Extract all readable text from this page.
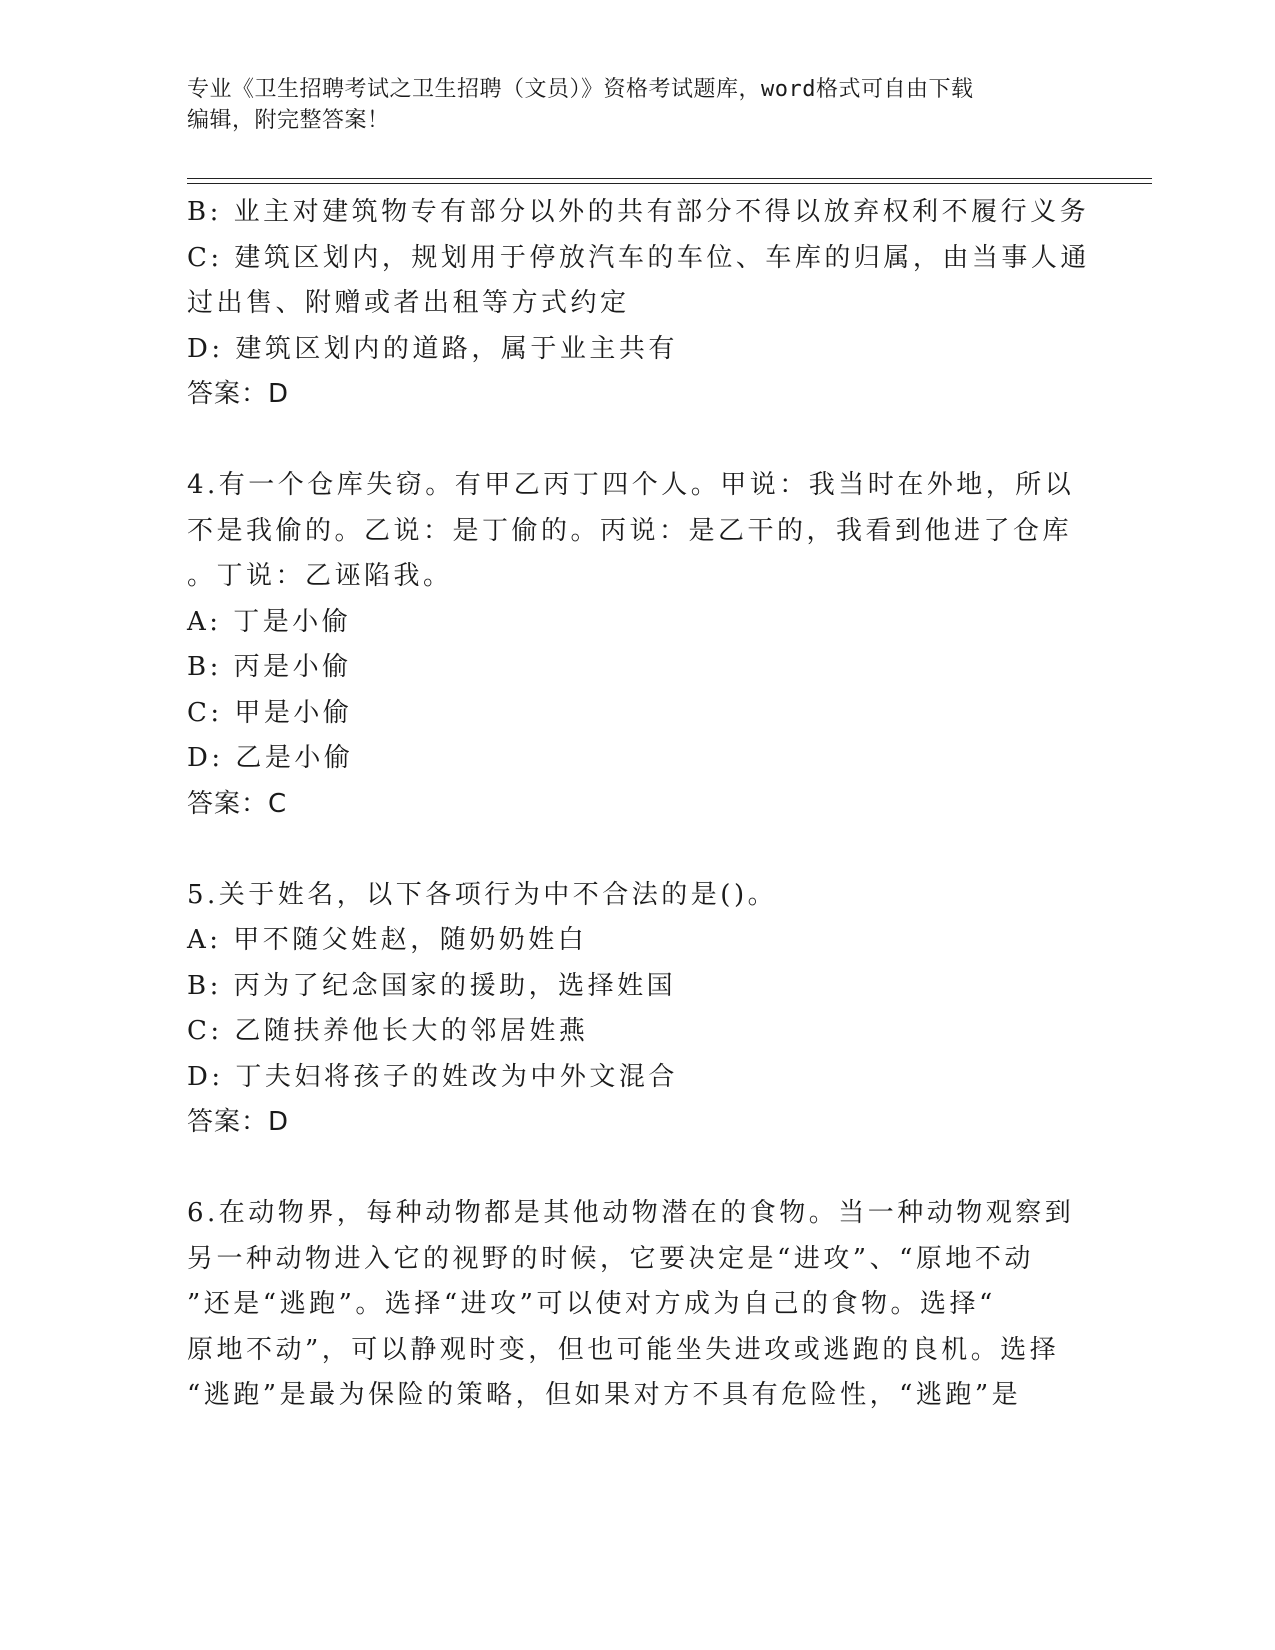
专业《卫生招聘考试之卫生招聘（文员）》资格考试题库，word格式可自由下载
编辑，附完整答案！
B: 业主对建筑物专有部分以外的共有部分不得以放弃权利不履行义务
C: 建筑区划内，规划用于停放汽车的车位、车库的归属，由当事人通
过出售、附赠或者出租等方式约定
D: 建筑区划内的道路，属于业主共有
答案：D
4.有一个仓库失窃。有甲乙丙丁四个人。甲说：我当时在外地，所以
不是我偷的。乙说：是丁偷的。丙说：是乙干的，我看到他进了仓库
。丁说：乙诬陷我。
A: 丁是小偷
B: 丙是小偷
C: 甲是小偷
D: 乙是小偷
答案：C
5.关于姓名，以下各项行为中不合法的是()。
A: 甲不随父姓赵，随奶奶姓白
B: 丙为了纪念国家的援助，选择姓国
C: 乙随扶养他长大的邻居姓燕
D: 丁夫妇将孩子的姓改为中外文混合
答案：D
6.在动物界，每种动物都是其他动物潜在的食物。当一种动物观察到
另一种动物进入它的视野的时候，它要决定是“进攻”、“原地不动
”还是“逃跑”。选择“进攻”可以使对方成为自己的食物。选择“
原地不动”，可以静观时变，但也可能坐失进攻或逃跑的良机。选择
“逃跑”是最为保险的策略，但如果对方不具有危险性，“逃跑”是
